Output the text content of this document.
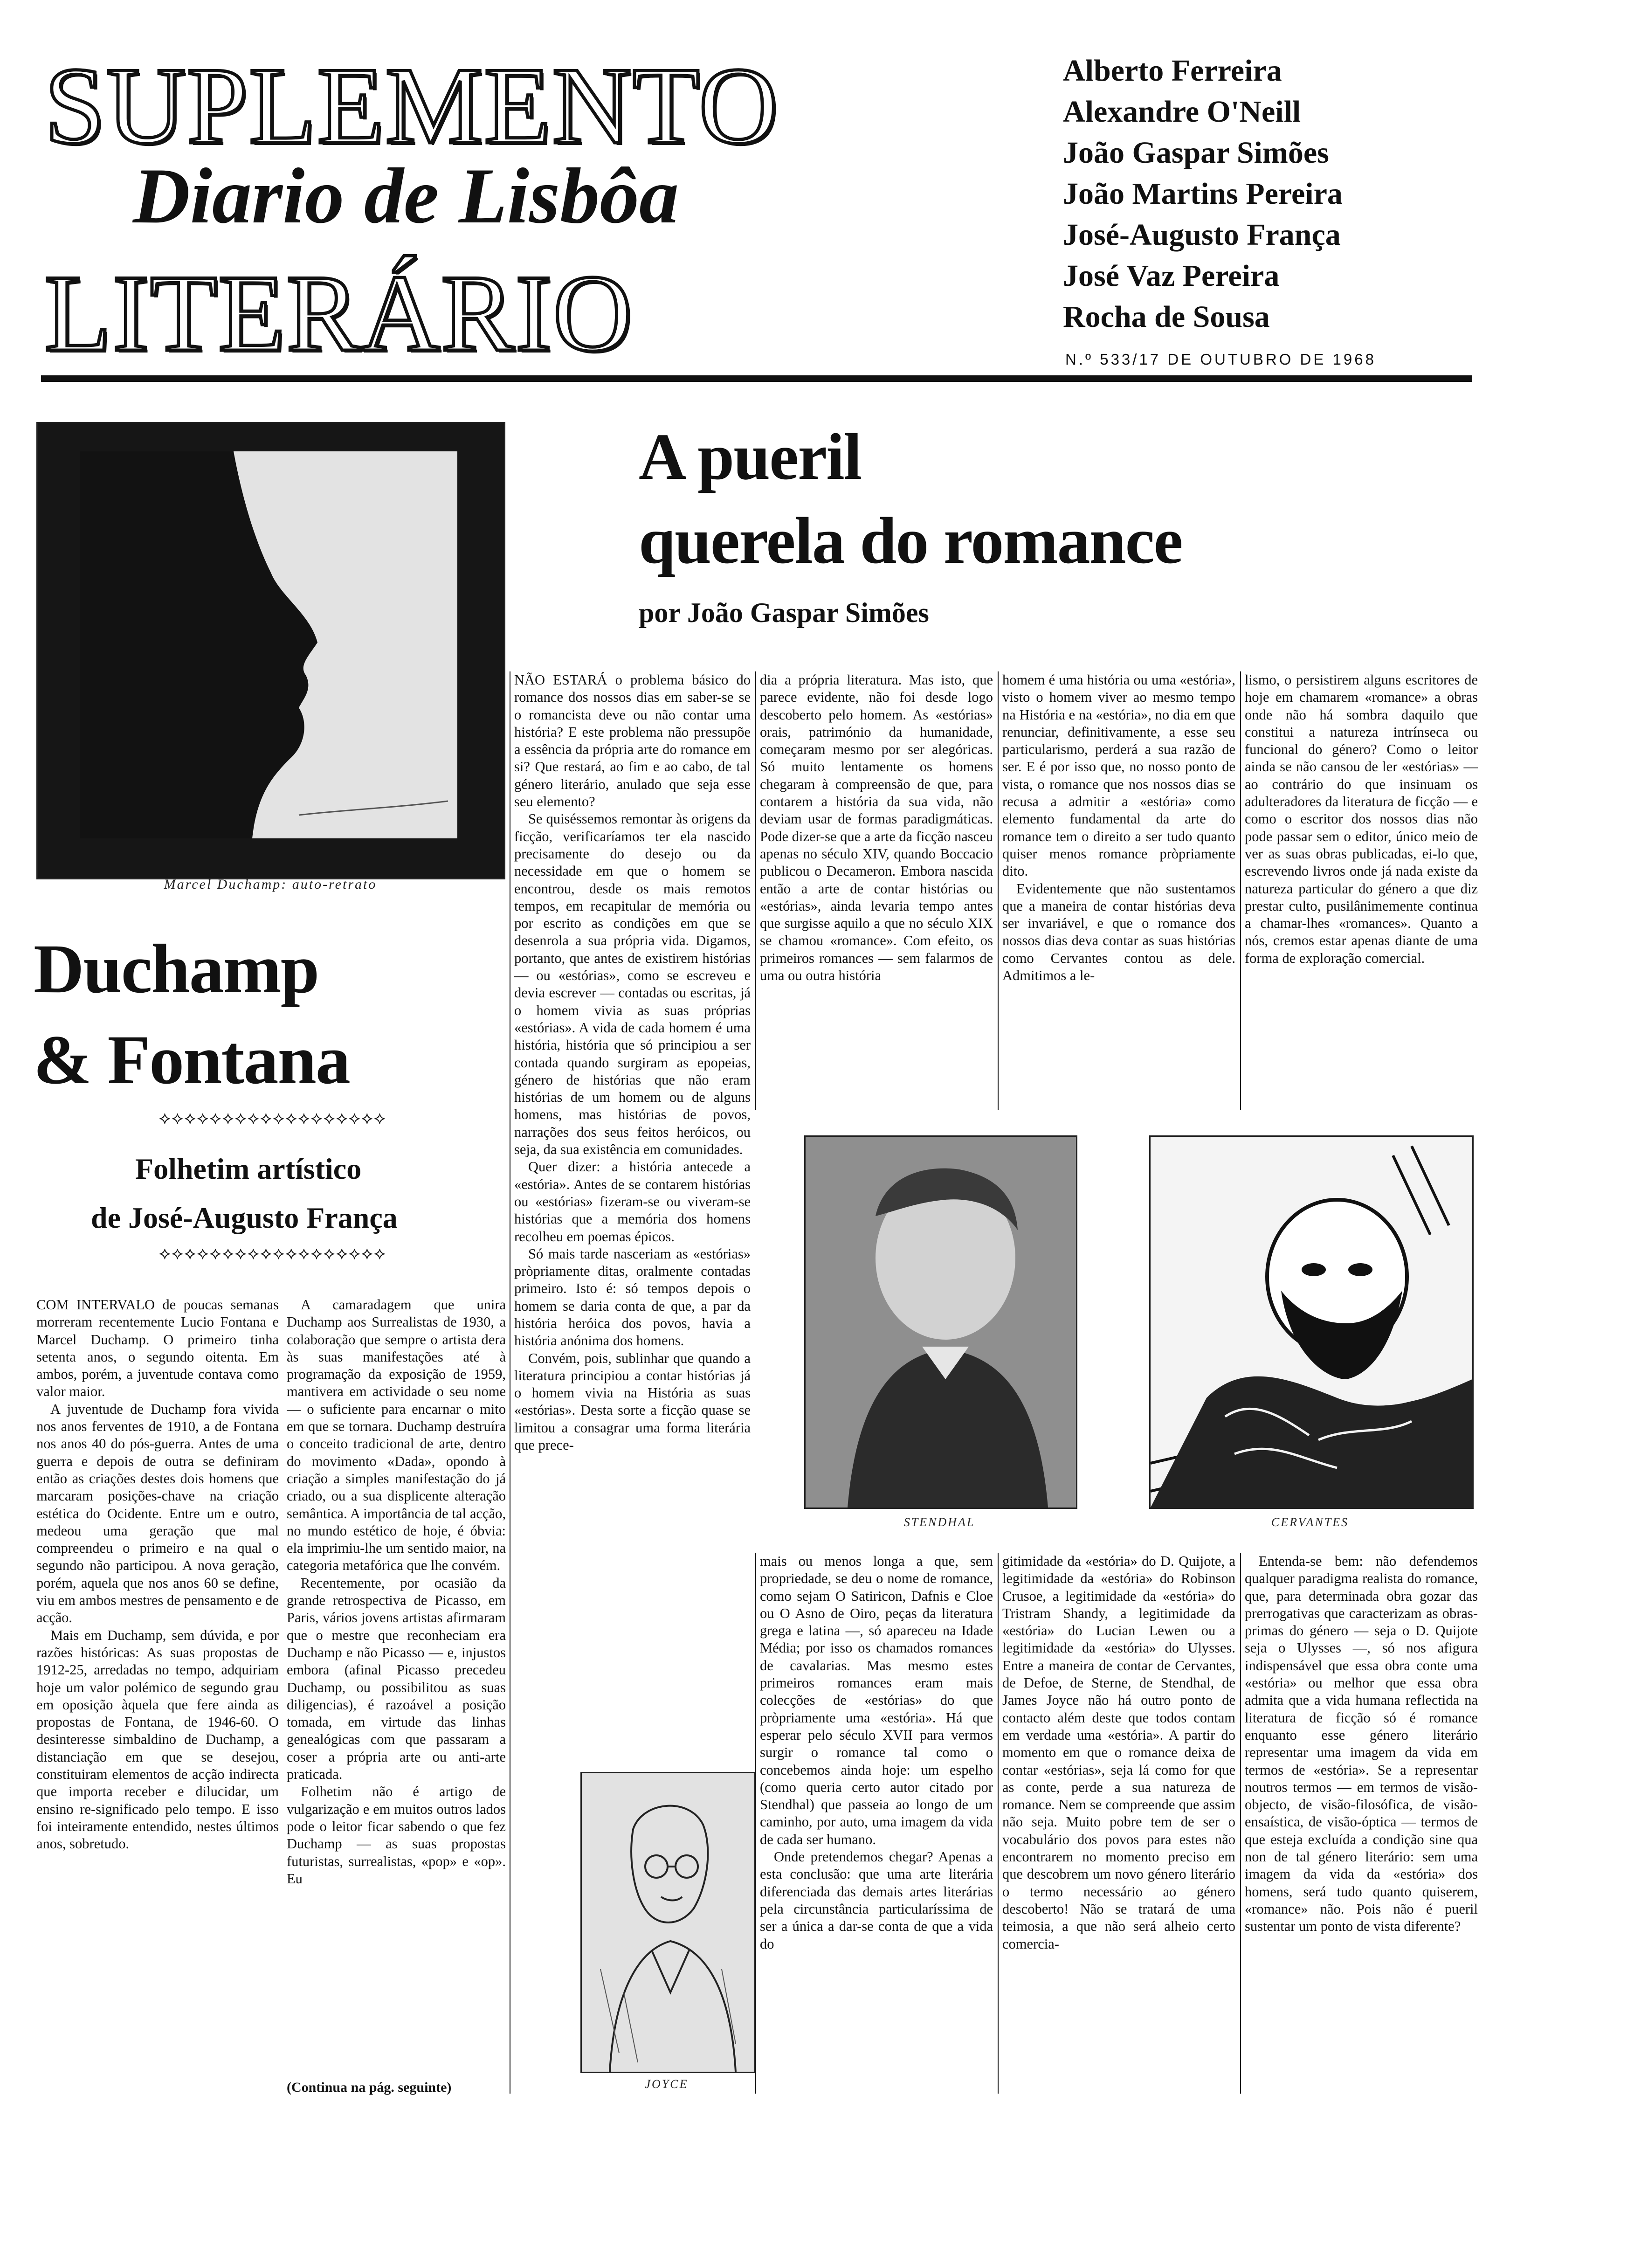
SUPLEMENTO
Diario de Lisbôa
LITERÁRIO
Alberto Ferreira
Alexandre O'Neill
João Gaspar Simões
João Martins Pereira
José-Augusto França
José Vaz Pereira
Rocha de Sousa
N.º 533/17 DE OUTUBRO DE 1968
Marcel Duchamp: auto-retrato
Duchamp
& Fontana
⟡⟡⟡⟡⟡⟡⟡⟡⟡⟡⟡⟡⟡⟡⟡⟡⟡⟡
Folhetim artístico
de José-Augusto França
⟡⟡⟡⟡⟡⟡⟡⟡⟡⟡⟡⟡⟡⟡⟡⟡⟡⟡

COM INTERVALO de poucas semanas morreram recentemente Lucio Fontana e Marcel Duchamp. O primeiro tinha setenta anos, o segundo oitenta. Em ambos, porém, a juventude contava como valor maior.

A juventude de Duchamp fora vivida nos anos ferventes de 1910, a de Fontana nos anos 40 do pós-guerra. Antes de uma guerra e depois de outra se definiram então as criações destes dois homens que marcaram posições-chave na criação estética do Ocidente. Entre um e outro, medeou uma geração que mal compreendeu o primeiro e na qual o segundo não participou. A nova geração, porém, aquela que nos anos 60 se define, viu em ambos mestres de pensamento e de acção.

Mais em Duchamp, sem dúvida, e por razões históricas: As suas propostas de 1912-25, arredadas no tempo, adquiriam hoje um valor polémico de segundo grau em oposição àquela que fere ainda as propostas de Fontana, de 1946-60. O desinteresse simbaldino de Duchamp, a distanciação em que se desejou, constituiram elementos de acção indirecta que importa receber e dilucidar, um ensino re-significado pelo tempo. E isso foi inteiramente entendido, nestes últimos anos, sobretudo.

A camaradagem que unira Duchamp aos Surrealistas de 1930, a colaboração que sempre o artista dera às suas manifestações até à programação da exposição de 1959, mantivera em actividade o seu nome — o suficiente para encarnar o mito em que se tornara. Duchamp destruíra o conceito tradicional de arte, dentro do movimento «Dada», opondo à criação a simples manifestação do já criado, ou a sua displicente alteração semântica. A importância de tal acção, no mundo estético de hoje, é óbvia: ela imprimiu-lhe um sentido maior, na categoria metafórica que lhe convém.

Recentemente, por ocasião da grande retrospectiva de Picasso, em Paris, vários jovens artistas afirmaram que o mestre que reconheciam era Duchamp e não Picasso — e, injustos embora (afinal Picasso precedeu Duchamp, ou possibilitou as suas diligencias), é razoável a posição tomada, em virtude das linhas genealógicas com que passaram a coser a própria arte ou anti-arte praticada.

Folhetim não é artigo de vulgarização e em muitos outros lados pode o leitor ficar sabendo o que fez Duchamp — as suas propostas futuristas, surrealistas, «pop» e «op». Eu

(Continua na pág. seguinte)
A pueril
querela do romance
por João Gaspar Simões

NÃO ESTARÁ o problema básico do romance dos nossos dias em saber-se se o romancista deve ou não contar uma história? E este problema não pressupõe a essência da própria arte do romance em si? Que restará, ao fim e ao cabo, de tal género literário, anulado que seja esse seu elemento?

Se quiséssemos remontar às origens da ficção, verificaríamos ter ela nascido precisamente do desejo ou da necessidade em que o homem se encontrou, desde os mais remotos tempos, em recapitular de memória ou por escrito as condições em que se desenrola a sua própria vida. Digamos, portanto, que antes de existirem histórias — ou «estórias», como se escreveu e devia escrever — contadas ou escritas, já o homem vivia as suas próprias «estórias». A vida de cada homem é uma história, história que só principiou a ser contada quando surgiram as epopeias, género de histórias que não eram histórias de um homem ou de alguns homens, mas histórias de povos, narrações dos seus feitos heróicos, ou seja, da sua existência em comunidades.

Quer dizer: a história antecede a «estória». Antes de se contarem histórias ou «estórias» fizeram-se ou viveram-se histórias que a memória dos homens recolheu em poemas épicos.

Só mais tarde nasceriam as «estórias» pròpriamente ditas, oralmente contadas primeiro. Isto é: só tempos depois o homem se daria conta de que, a par da história heróica dos povos, havia a história anónima dos homens.

Convém, pois, sublinhar que quando a literatura principiou a contar histórias já o homem vivia na História as suas «estórias». Desta sorte a ficção quase se limitou a consagrar uma forma literária que prece-

dia a própria literatura. Mas isto, que parece evidente, não foi desde logo descoberto pelo homem. As «estórias» orais, património da humanidade, começaram mesmo por ser alegóricas. Só muito lentamente os homens chegaram à compreensão de que, para contarem a história da sua vida, não deviam usar de formas paradigmáticas. Pode dizer-se que a arte da ficção nasceu apenas no século XIV, quando Boccacio publicou o Decameron. Embora nascida então a arte de contar histórias ou «estórias», ainda levaria tempo antes que surgisse aquilo a que no século XIX se chamou «romance». Com efeito, os primeiros romances — sem falarmos de uma ou outra história

homem é uma história ou uma «estória», visto o homem viver ao mesmo tempo na História e na «estória», no dia em que renunciar, definitivamente, a esse seu particularismo, perderá a sua razão de ser. E é por isso que, no nosso ponto de vista, o romance que nos nossos dias se recusa a admitir a «estória» como elemento fundamental da arte do romance tem o direito a ser tudo quanto quiser menos romance pròpriamente dito.

Evidentemente que não sustentamos que a maneira de contar histórias deva ser invariável, e que o romance dos nossos dias deva contar as suas histórias como Cervantes contou as dele. Admitimos a le-

lismo, o persistirem alguns escritores de hoje em chamarem «romance» a obras onde não há sombra daquilo que constitui a natureza intrínseca ou funcional do género? Como o leitor ainda se não cansou de ler «estórias» — ao contrário do que insinuam os adulteradores da literatura de ficção — e como o escritor dos nossos dias não pode passar sem o editor, único meio de ver as suas obras publicadas, ei-lo que, escrevendo livros onde já nada existe da natureza particular do género a que diz prestar culto, pusilânimemente continua a chamar-lhes «romances». Quanto a nós, cremos estar apenas diante de uma forma de exploração comercial.

STENDHAL	CERVANTES
JOYCE

mais ou menos longa a que, sem propriedade, se deu o nome de romance, como sejam O Satiricon, Dafnis e Cloe ou O Asno de Oiro, peças da literatura grega e latina —, só apareceu na Idade Média; por isso os chamados romances de cavalarias. Mas mesmo estes primeiros romances eram mais colecções de «estórias» do que pròpriamente uma «estória». Há que esperar pelo século XVII para vermos surgir o romance tal como o concebemos ainda hoje: um espelho (como queria certo autor citado por Stendhal) que passeia ao longo de um caminho, por auto, uma imagem da vida de cada ser humano.

Onde pretendemos chegar? Apenas a esta conclusão: que uma arte literária diferenciada das demais artes literárias pela circunstância particularíssima de ser a única a dar-se conta de que a vida do

gitimidade da «estória» do D. Quijote, a legitimidade da «estória» do Robinson Crusoe, a legitimidade da «estória» do Tristram Shandy, a legitimidade da «estória» do Lucian Lewen ou a legitimidade da «estória» do Ulysses. Entre a maneira de contar de Cervantes, de Defoe, de Sterne, de Stendhal, de James Joyce não há outro ponto de contacto além deste que todos contam em verdade uma «estória». A partir do momento em que o romance deixa de contar «estórias», seja lá como for que as conte, perde a sua natureza de romance. Nem se compreende que assim não seja. Muito pobre tem de ser o vocabulário dos povos para estes não encontrarem no momento preciso em que descobrem um novo género literário o termo necessário ao género descoberto! Não se tratará de uma teimosia, a que não será alheio certo comercia-

Entenda-se bem: não defendemos qualquer paradigma realista do romance, que, para determinada obra gozar das prerrogativas que caracterizam as obras-primas do género — seja o D. Quijote seja o Ulysses —, só nos afigura indispensável que essa obra conte uma «estória» ou melhor que essa obra admita que a vida humana reflectida na literatura de ficção só é romance enquanto esse género literário representar uma imagem da vida em termos de «estória». Se a representar noutros termos — em termos de visão-objecto, de visão-filosófica, de visão-ensaística, de visão-óptica — termos de que esteja excluída a condição sine qua non de tal género literário: sem uma imagem da vida da «estória» dos homens, será tudo quanto quiserem, «romance» não. Pois não é pueril sustentar um ponto de vista diferente?
